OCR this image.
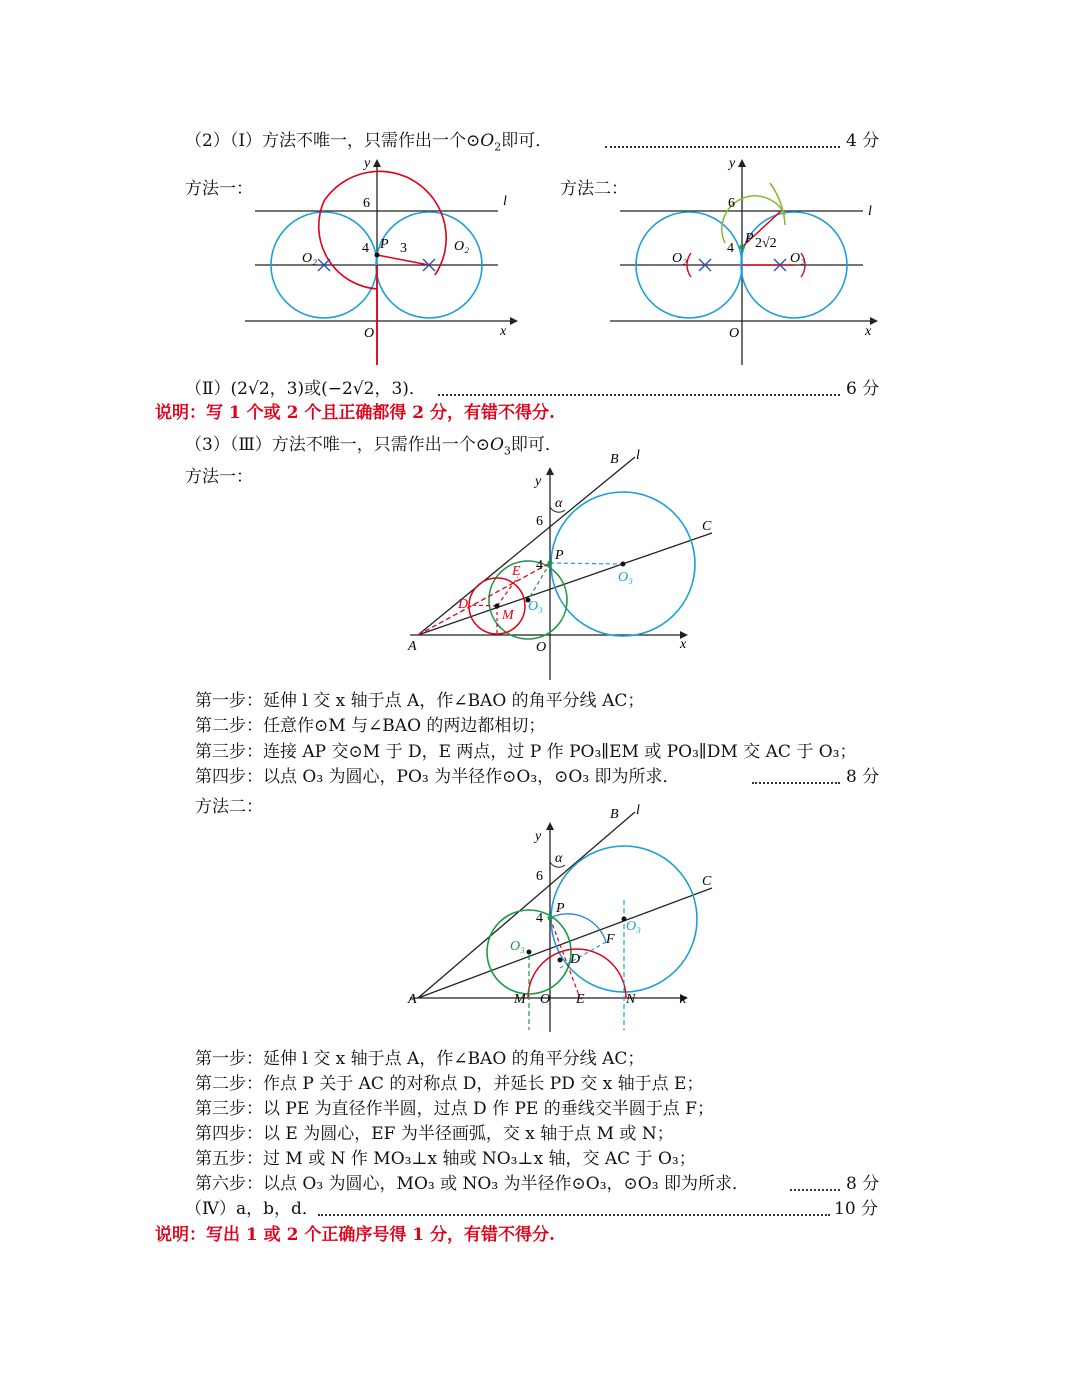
（2）（Ⅰ）方法不唯一，只需作出一个$⊙O_2$即可．	4 分
方法一：	方法二：
y
x
O
l
6
4 P 3
O₂
O₂
y
x
O
l
6
4
P 2√2
O₂	O₂
（Ⅱ）(2√2，3)或(−2√2，3)．	6 分
说明：写 1 个或 2 个且正确都得 2 分，有错不得分.
（3）（Ⅲ）方法不唯一，只需作出一个$⊙O_3$即可．
方法一：	y
x
O
A
B l
C
α
6
4
P
O₃
O₃
E
D
M
第一步：延伸 l 交 x 轴于点 A，作∠BAO 的角平分线 AC；
第二步：任意作⊙M 与∠BAO 的两边都相切；
第三步：连接 AP 交⊙M 于 D，E 两点，过 P 作 PO₃∥EM 或 PO₃∥DM 交 AC 于 O₃；
第四步：以点 O₃ 为圆心，PO₃ 为半径作⊙O₃，⊙O₃ 即为所求．	8 分
方法二：
y
x
O
A
B l
C
α
6
4
P
O₃
O₃
D
F
M	E	N
第一步：延伸 l 交 x 轴于点 A，作∠BAO 的角平分线 AC；
第二步：作点 P 关于 AC 的对称点 D，并延长 PD 交 x 轴于点 E；
第三步：以 PE 为直径作半圆，过点 D 作 PE 的垂线交半圆于点 F；
第四步：以 E 为圆心，EF 为半径画弧，交 x 轴于点 M 或 N；
第五步：过 M 或 N 作 MO₃⊥x 轴或 NO₃⊥x 轴，交 AC 于 O₃；
第六步：以点 O₃ 为圆心，MO₃ 或 NO₃ 为半径作⊙O₃，⊙O₃ 即为所求．	8 分
（Ⅳ）a，b，d．	10 分
说明：写出 1 或 2 个正确序号得 1 分，有错不得分.
